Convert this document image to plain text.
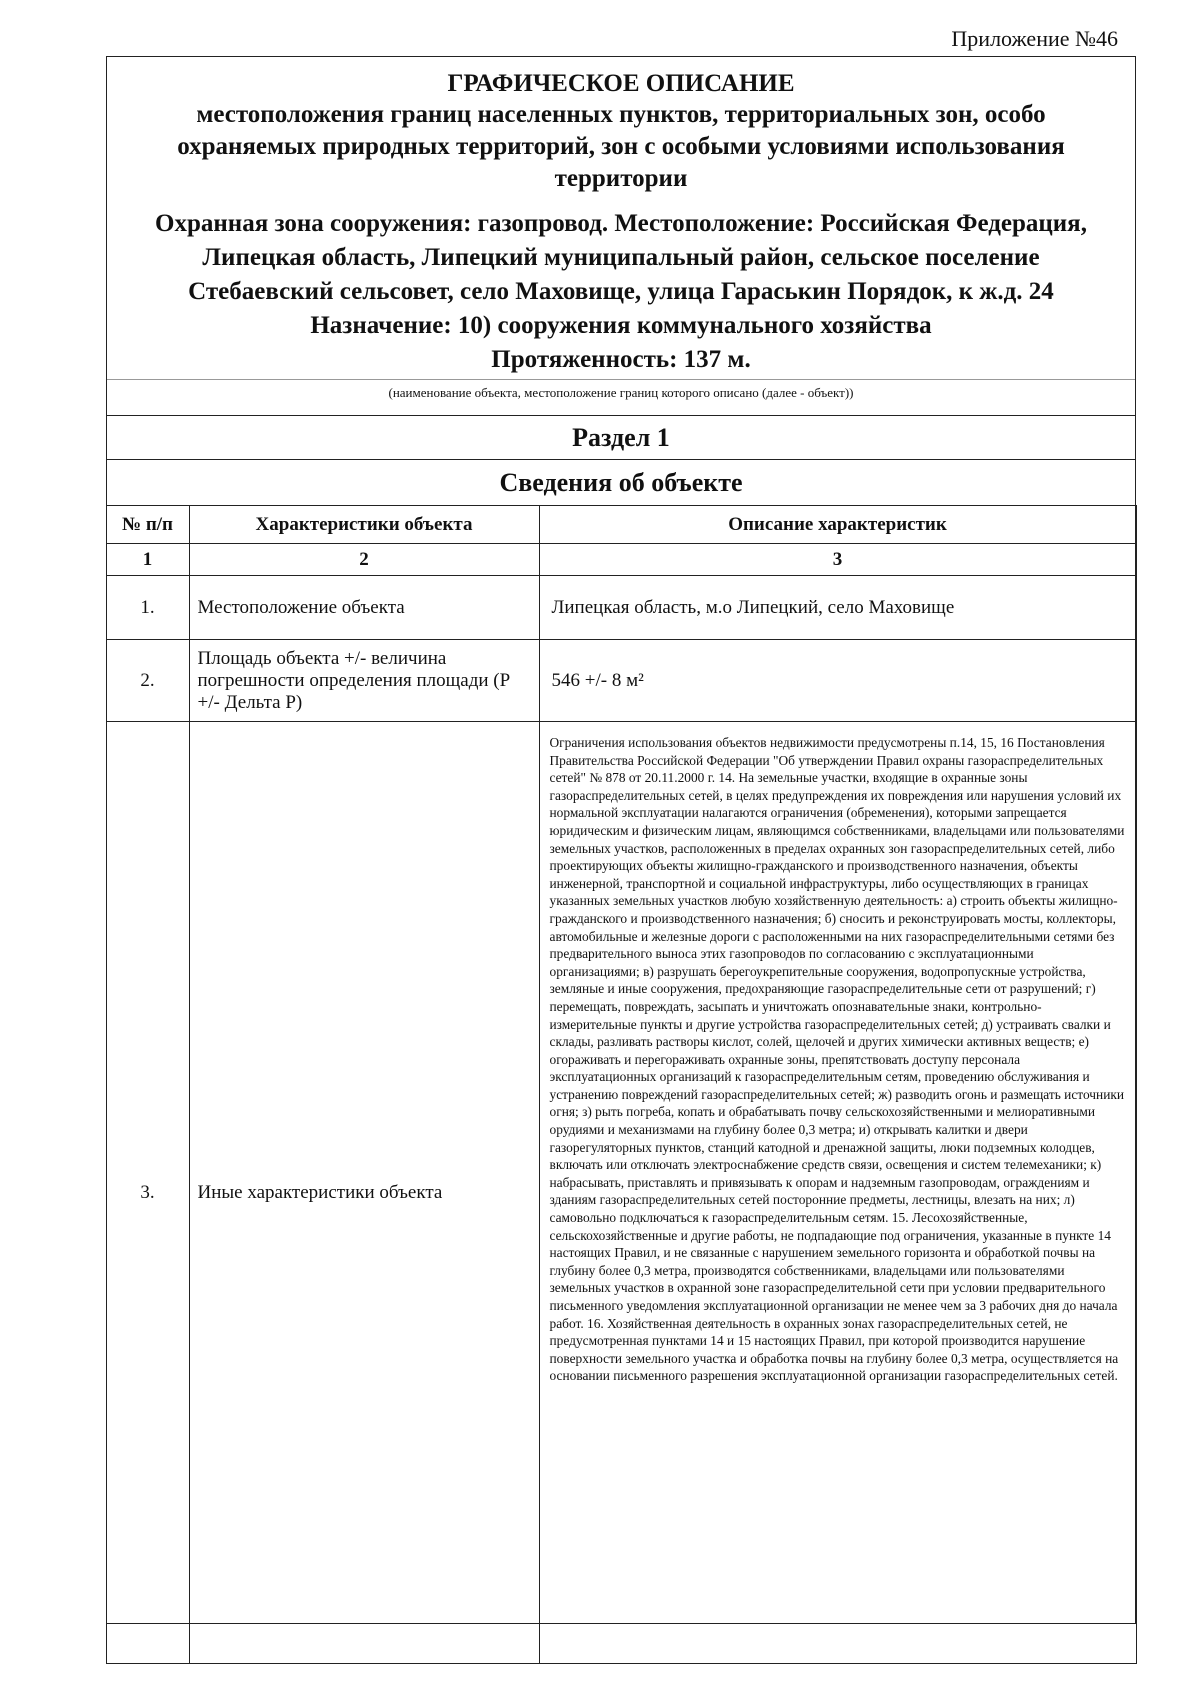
Приложение №46
ГРАФИЧЕСКОЕ ОПИСАНИЕ
местоположения границ населенных пунктов, территориальных зон, особо охраняемых природных территорий, зон с особыми условиями использования территории
Охранная зона сооружения: газопровод. Местоположение: Российская Федерация, Липецкая область, Липецкий муниципальный район, сельское поселение Стебаевский сельсовет, село Маховище, улица Гараськин Порядок, к ж.д. 24 Назначение: 10) сооружения коммунального хозяйства
Протяженность: 137 м.
(наименование объекта, местоположение границ которого описано (далее - объект))
Раздел 1
Сведения об объекте
№ п/п	Характеристики объекта	Описание характеристик
1	2	3
1.	Местоположение объекта	Липецкая область, м.о Липецкий, село Маховище
2.	Площадь объекта +/- величина погрешности определения площади (Р +/- Дельта Р)	546 +/- 8 м²
3.	Иные характеристики объекта	Ограничения использования объектов недвижимости предусмотрены п.14, 15, 16 Постановления Правительства Российской Федерации "Об утверждении Правил охраны газораспределительных сетей" № 878 от 20.11.2000 г. 14. На земельные участки, входящие в охранные зоны газораспределительных сетей, в целях предупреждения их повреждения или нарушения условий их нормальной эксплуатации налагаются ограничения (обременения), которыми запрещается юридическим и физическим лицам, являющимся собственниками, владельцами или пользователями земельных участков, расположенных в пределах охранных зон газораспределительных сетей, либо проектирующих объекты жилищно-гражданского и производственного назначения, объекты инженерной, транспортной и социальной инфраструктуры, либо осуществляющих в границах указанных земельных участков любую хозяйственную деятельность: а) строить объекты жилищно-гражданского и производственного назначения; б) сносить и реконструировать мосты, коллекторы, автомобильные и железные дороги с расположенными на них газораспределительными сетями без предварительного выноса этих газопроводов по согласованию с эксплуатационными организациями; в) разрушать берегоукрепительные сооружения, водопропускные устройства, земляные и иные сооружения, предохраняющие газораспределительные сети от разрушений; г) перемещать, повреждать, засыпать и уничтожать опознавательные знаки, контрольно-измерительные пункты и другие устройства газораспределительных сетей; д) устраивать свалки и склады, разливать растворы кислот, солей, щелочей и других химически активных веществ; е) огораживать и перегораживать охранные зоны, препятствовать доступу персонала эксплуатационных организаций к газораспределительным сетям, проведению обслуживания и устранению повреждений газораспределительных сетей; ж) разводить огонь и размещать источники огня; з) рыть погреба, копать и обрабатывать почву сельскохозяйственными и мелиоративными орудиями и механизмами на глубину более 0,3 метра; и) открывать калитки и двери газорегуляторных пунктов, станций катодной и дренажной защиты, люки подземных колодцев, включать или отключать электроснабжение средств связи, освещения и систем телемеханики; к) набрасывать, приставлять и привязывать к опорам и надземным газопроводам, ограждениям и зданиям газораспределительных сетей посторонние предметы, лестницы, влезать на них; л) самовольно подключаться к газораспределительным сетям. 15. Лесохозяйственные, сельскохозяйственные и другие работы, не подпадающие под ограничения, указанные в пункте 14 настоящих Правил, и не связанные с нарушением земельного горизонта и обработкой почвы на глубину более 0,3 метра, производятся собственниками, владельцами или пользователями земельных участков в охранной зоне газораспределительной сети при условии предварительного письменного уведомления эксплуатационной организации не менее чем за 3 рабочих дня до начала работ. 16. Хозяйственная деятельность в охранных зонах газораспределительных сетей, не предусмотренная пунктами 14 и 15 настоящих Правил, при которой производится нарушение поверхности земельного участка и обработка почвы на глубину более 0,3 метра, осуществляется на основании письменного разрешения эксплуатационной организации газораспределительных сетей.
